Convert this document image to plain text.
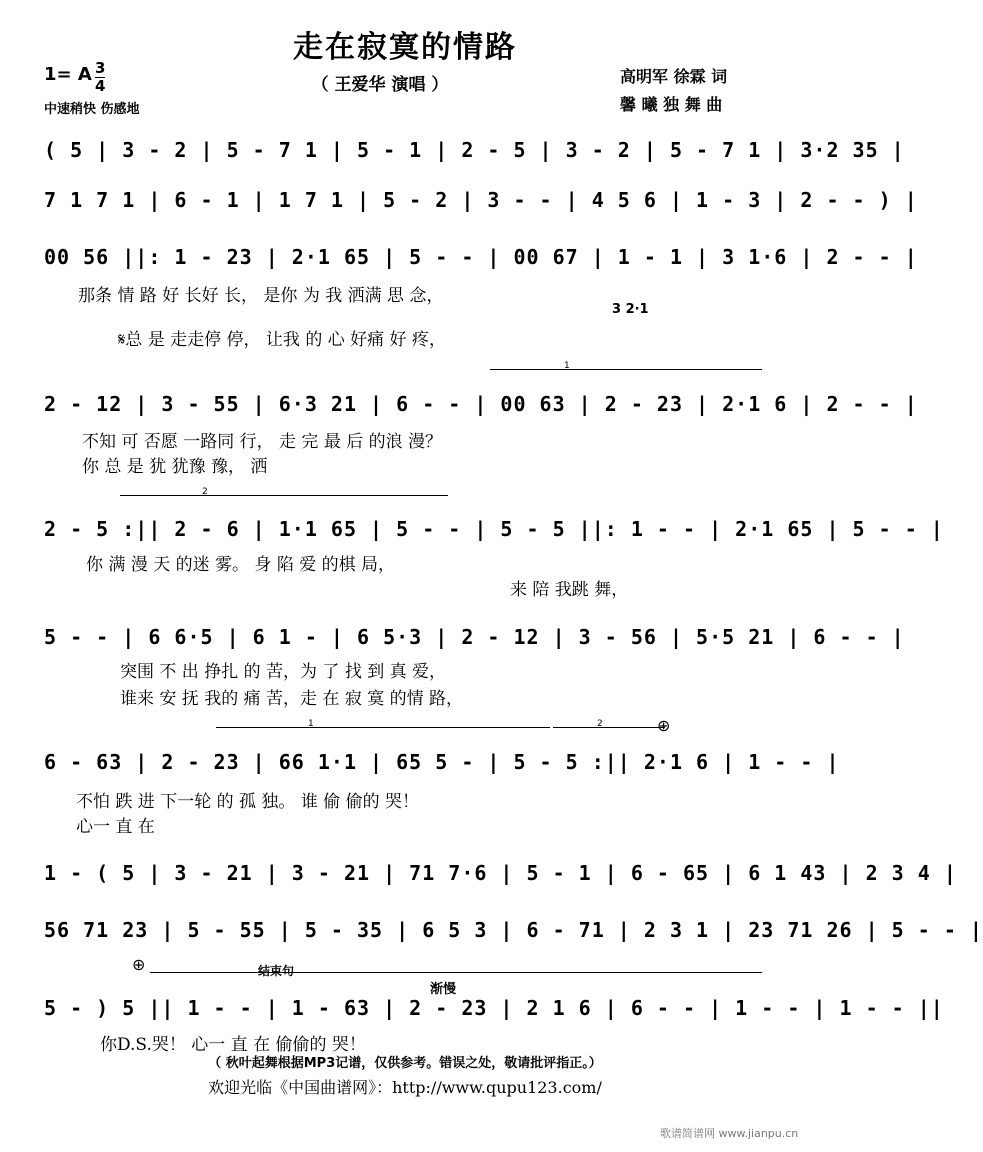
走在寂寞的情路
（ 王爱华 演唱 ）
1= A $\frac{3}{4}$
中速稍快 伤感地
高明军 徐霖 词
馨 曦 独 舞 曲
( 5 | 3 - 2 | 5 - 7 1 | 5 - 1 | 2 - 5 | 3 - 2 | 5 - 7 1 | 3·2 35 |
7 1 7 1 | 6 - 1 | 1 7 1 | 5 - 2 | 3 - - | 4 5 6 | 1 - 3 | 2 - - ) |
00 56 ||: 1 - 23 | 2·1 65 | 5 - - | 00 67 | 1 - 1 | 3 1·6 | 2 - - |
那条 情 路 好 长好 长， 是你 为 我 洒满 思 念，
3 2·1
𝄋总 是 走走停 停， 让我 的 心 好痛 好 疼，
1
2 - 12 | 3 - 55 | 6·3 21 | 6 - - | 00 63 | 2 - 23 | 2·1 6 | 2 - - |
不知 可 否愿 一路同 行， 走 完 最 后 的浪 漫？
你 总 是 犹 犹豫 豫， 洒
2
2 - 5 :|| 2 - 6 | 1·1 65 | 5 - - | 5 - 5 ||: 1 - - | 2·1 65 | 5 - - |
你 满 漫 天 的迷 雾。 身 陷 爱 的棋 局，
来 陪 我跳 舞，
5 - - | 6 6·5 | 6 1 - | 6 5·3 | 2 - 12 | 3 - 56 | 5·5 21 | 6 - - |
突围 不 出 挣扎 的 苦，为 了 找 到 真 爱，
谁来 安 抚 我的 痛 苦，走 在 寂 寞 的情 路，
1	2	⊕
6 - 63 | 2 - 23 | 66 1·1 | 65 5 - | 5 - 5 :|| 2·1 6 | 1 - - |
不怕 跌 进 下一轮 的 孤 独。 谁 偷 偷的 哭！
心一 直 在
1 - ( 5 | 3 - 21 | 3 - 21 | 71 7·6 | 5 - 1 | 6 - 65 | 6 1 43 | 2 3 4 |
56 71 23 | 5 - 55 | 5 - 35 | 6 5 3 | 6 - 71 | 2 3 1 | 23 71 26 | 5 - - |
⊕	结束句
渐慢
5 - ) 5 || 1 - - | 1 - 63 | 2 - 23 | 2 1 6 | 6 - - | 1 - - | 1 - - ||
你D.S.哭！ 心一 直 在 偷偷的 哭！
（ 秋叶起舞根据MP3记谱，仅供参考。错误之处，敬请批评指正。）
欢迎光临《中国曲谱网》：http://www.qupu123.com/
歌谱简谱网 www.jianpu.cn
